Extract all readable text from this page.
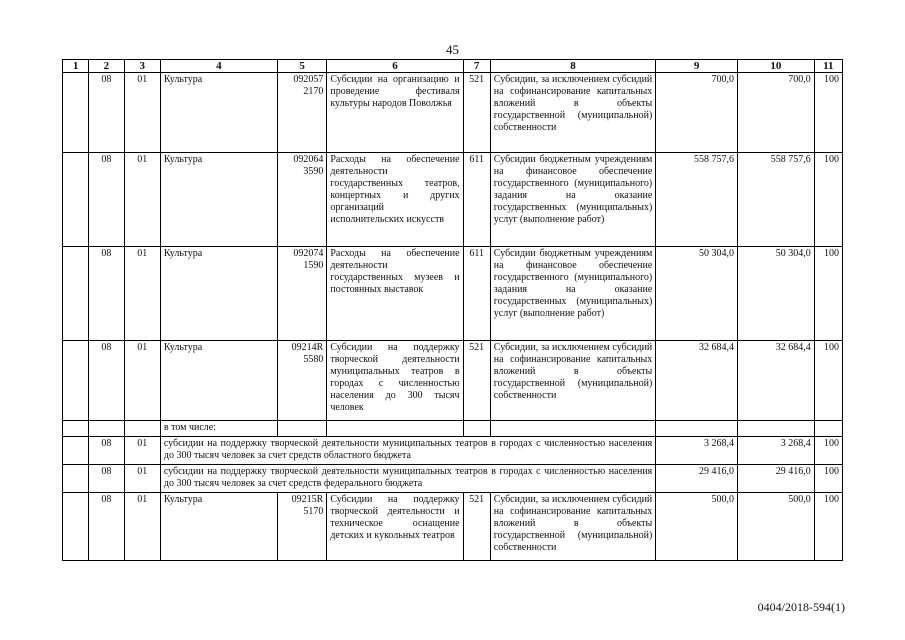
45
1	2	3	4	5	6	7	8	9	10	11
	08	01	Культура	092057 2170	Субсидии на организацию и проведение фестиваля культуры народов Поволжья	521	Субсидии, за исключением субсидий на софинансирование капитальных вложений в объекты государственной (муниципальной) собственности	700,0	700,0	100
	08	01	Культура	092064 3590	Расходы на обеспечение деятельности государственных театров, концертных и других организаций исполнительских искусств	611	Субсидии бюджетным учреждениям на финансовое обеспечение государственного (муниципального) задания на оказание государственных (муниципальных) услуг (выполнение работ)	558 757,6	558 757,6	100
	08	01	Культура	092074 1590	Расходы на обеспечение деятельности государственных музеев и постоянных выставок	611	Субсидии бюджетным учреждениям на финансовое обеспечение государственного (муниципального) задания на оказание государственных (муниципальных) услуг (выполнение работ)	50 304,0	50 304,0	100
	08	01	Культура	09214R 5580	Субсидии на поддержку творческой деятельности муниципальных театров в городах с численностью населения до 300 тысяч человек	521	Субсидии, за исключением субсидий на софинансирование капитальных вложений в объекты государственной (муниципальной) собственности	32 684,4	32 684,4	100
			в том числе:							
	08	01	субсидии на поддержку творческой деятельности муниципальных театров в городах с численностью населения до 300 тысяч человек за счет средств областного бюджета					3 268,4	3 268,4	100
	08	01	субсидии на поддержку творческой деятельности муниципальных театров в городах с численностью населения до 300 тысяч человек за счет средств федерального бюджета					29 416,0	29 416,0	100
	08	01	Культура	09215R 5170	Субсидии на поддержку творческой деятельности и техническое оснащение детских и кукольных театров	521	Субсидии, за исключением субсидий на софинансирование капитальных вложений в объекты государственной (муниципальной) собственности	500,0	500,0	100
0404/2018-594(1)
